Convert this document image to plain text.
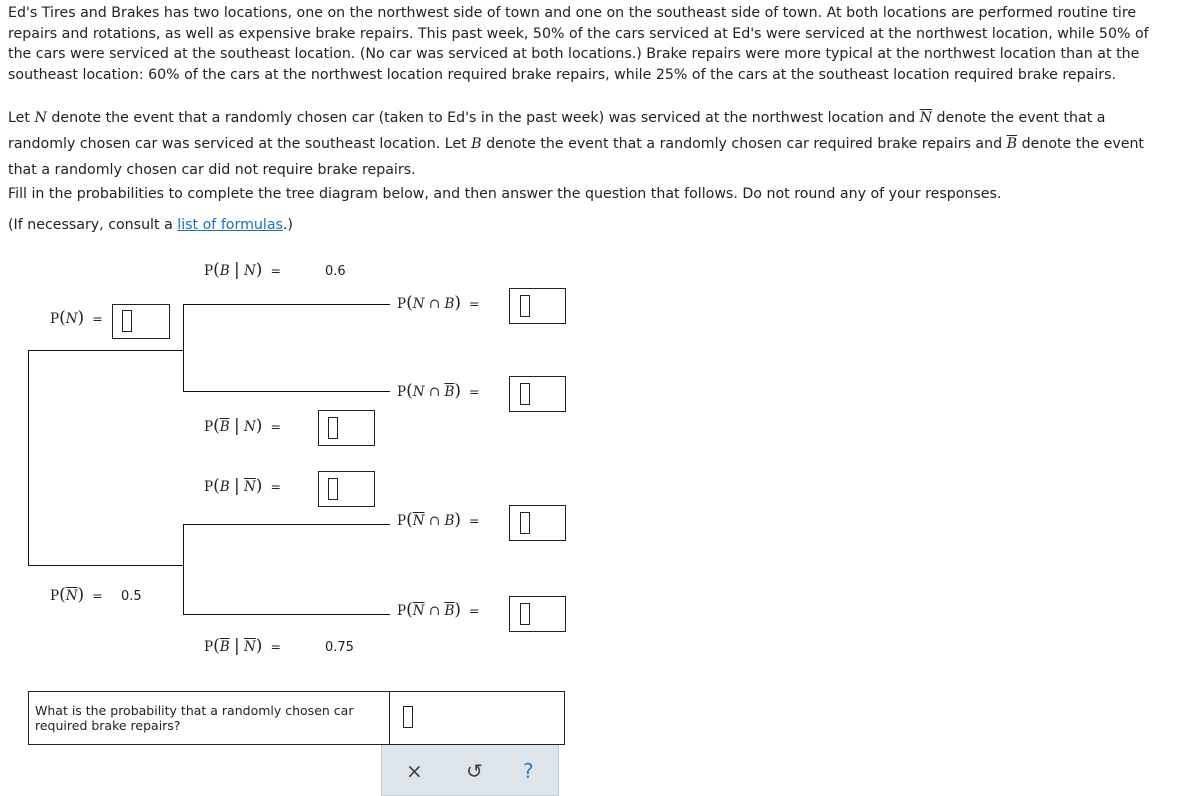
Ed's Tires and Brakes has two locations, one on the northwest side of town and one on the southeast side of town. At both locations are performed routine tire repairs and rotations, as well as expensive brake repairs. This past week, 50% of the cars serviced at Ed's were serviced at the northwest location, while 50% of the cars were serviced at the southeast location. (No car was serviced at both locations.) Brake repairs were more typical at the northwest location than at the southeast location: 60% of the cars at the northwest location required brake repairs, while 25% of the cars at the southeast location required brake repairs.
Let N denote the event that a randomly chosen car (taken to Ed's in the past week) was serviced at the northwest location and $\overline{N}$ denote the event that a randomly chosen car was serviced at the southeast location. Let B denote the event that a randomly chosen car required brake repairs and $\overline{B}$ denote the event that a randomly chosen car did not require brake repairs.
Fill in the probabilities to complete the tree diagram below, and then answer the question that follows. Do not round any of your responses.
(If necessary, consult a list of formulas.)
P(N) =
P(B | N) =	0.6
P(N ∩ B) =
P(N ∩ $\overline{B}$) =
$P(\overline{B}$ | N) =
P(B | $\overline{N}$) =
$P(\overline{N}$ ∩ B) =
$P(\overline{N}) = 0.5$
$P(\overline{N}$ ∩ $\overline{B}$) =
$P(\overline{B}$ | $\overline{N}$) =	0.75
What is the probability that a randomly chosen car required brake repairs?
× ↺ ?
